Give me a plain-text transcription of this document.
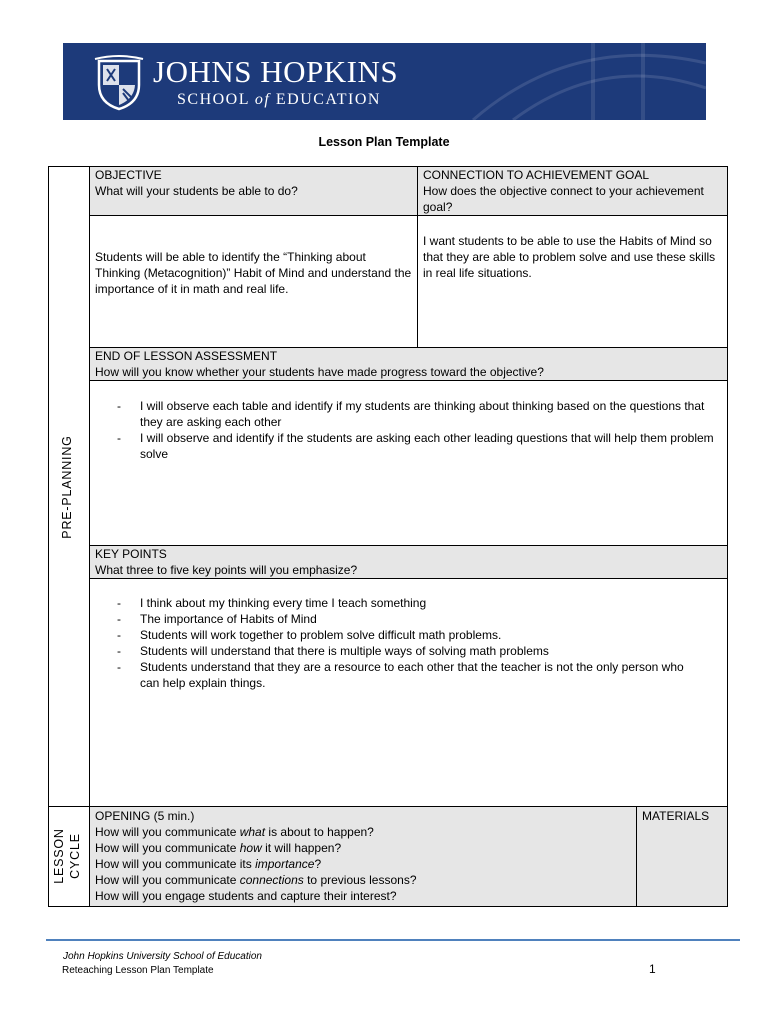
JOHNS HOPKINS
SCHOOL of EDUCATION
Lesson Plan Template
PRE-PLANNING
OBJECTIVE
What will your students be able to do?
CONNECTION TO ACHIEVEMENT GOAL
How does the objective connect to your achievement goal?
Students will be able to identify the “Thinking about Thinking (Metacognition)” Habit of Mind and understand the importance of it in math and real life.
I want students to be able to use the Habits of Mind so that they are able to problem solve and use these skills in real life situations.
END OF LESSON ASSESSMENT
How will you know whether your students have made progress toward the objective?
- I will observe each table and identify if my students are thinking about thinking based on the questions that they are asking each other
- I will observe and identify if the students are asking each other leading questions that will help them problem solve
KEY POINTS
What three to five key points will you emphasize?
- I think about my thinking every time I teach something
- The importance of Habits of Mind
- Students will work together to problem solve difficult math problems.
- Students will understand that there is multiple ways of solving math problems
- Students understand that they are a resource to each other that the teacher is not the only person who can help explain things.
LESSON CYCLE
OPENING (5 min.)
How will you communicate what is about to happen?
How will you communicate how it will happen?
How will you communicate its importance?
How will you communicate connections to previous lessons?
How will you engage students and capture their interest?
MATERIALS
John Hopkins University School of Education
Reteaching Lesson Plan Template	1
